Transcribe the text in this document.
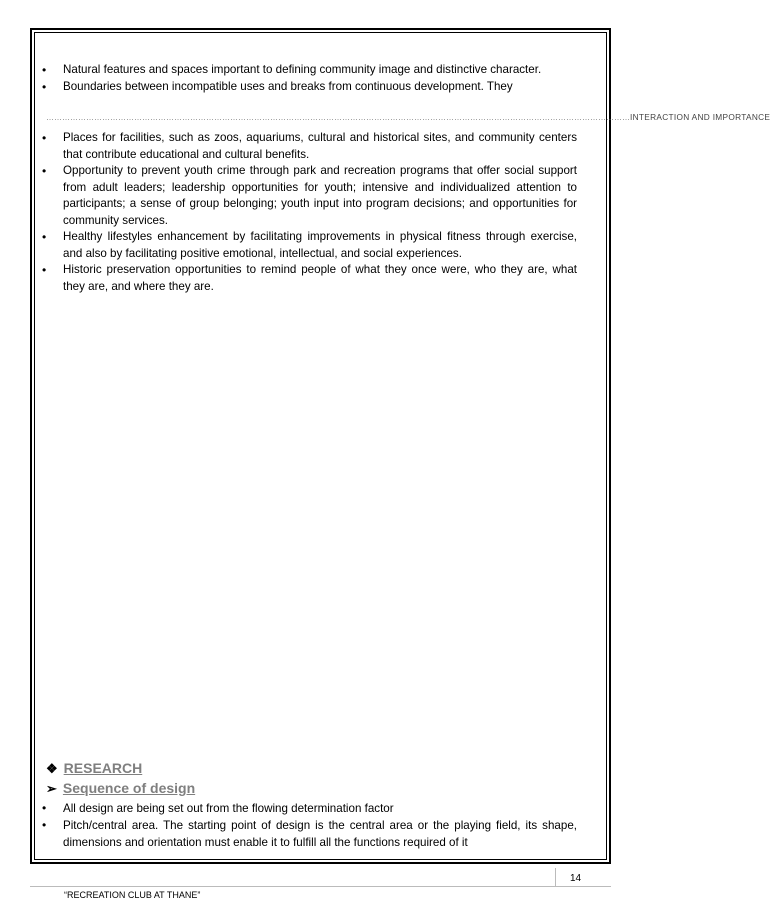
• Natural features and spaces important to defining community image and distinctive character.
• Boundaries between incompatible uses and breaks from continuous development. They
…………………………………………………………………………………………………………………………………………………………………………………………………INTERACTION AND IMPORTANCE
• Places for facilities, such as zoos, aquariums, cultural and historical sites, and community centers that contribute educational and cultural benefits.
• Opportunity to prevent youth crime through park and recreation programs that offer social support from adult leaders; leadership opportunities for youth; intensive and individualized attention to participants; a sense of group belonging; youth input into program decisions; and opportunities for community services.
• Healthy lifestyles enhancement by facilitating improvements in physical fitness through exercise, and also by facilitating positive emotional, intellectual, and social experiences.
• Historic preservation opportunities to remind people of what they once were, who they are, what they are, and where they are.
❖ RESEARCH
➢ Sequence of design
• All design are being set out from the flowing determination factor
• Pitch/central area. The starting point of design is the central area or the playing field, its shape, dimensions and orientation must enable it to fulfill all the functions required of it
14
“RECREATION CLUB AT THANE”
